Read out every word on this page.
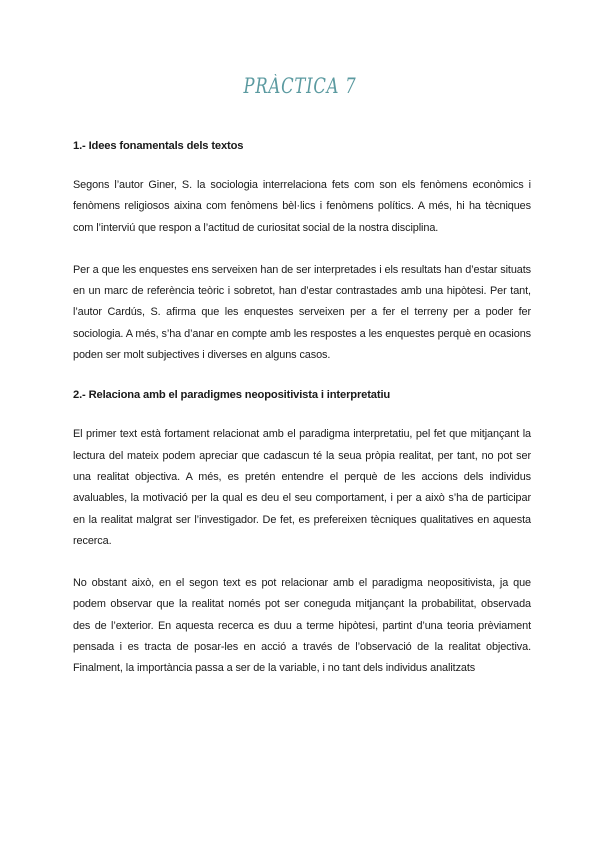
PRÀCTICA 7

1.- Idees fonamentals dels textos

Segons l’autor Giner, S. la sociologia interrelaciona fets com son els fenòmens econòmics i fenòmens religiosos aixina com fenòmens bèl·lics i fenòmens polítics. A més, hi ha tècniques com l’interviú que respon a l’actitud de curiositat social de la nostra disciplina.

Per a que les enquestes ens serveixen han de ser interpretades i els resultats han d’estar situats en un marc de referència teòric i sobretot, han d’estar contrastades amb una hipòtesi. Per tant, l’autor Cardús, S. afirma que les enquestes serveixen per a fer el terreny per a poder fer sociologia. A més, s’ha d’anar en compte amb les respostes a les enquestes perquè en ocasions poden ser molt subjectives i diverses en alguns casos.

2.- Relaciona amb el paradigmes neopositivista i interpretatiu

El primer text està fortament relacionat amb el paradigma interpretatiu, pel fet que mitjançant la lectura del mateix podem apreciar que cadascun té la seua pròpia realitat, per tant, no pot ser una realitat objectiva. A més, es pretén entendre el perquè de les accions dels individus avaluables, la motivació per la qual es deu el seu comportament, i per a això s’ha de participar en la realitat malgrat ser l’investigador. De fet, es prefereixen tècniques qualitatives en aquesta recerca.

No obstant això, en el segon text es pot relacionar amb el paradigma neopositivista, ja que podem observar que la realitat només pot ser coneguda mitjançant la probabilitat, observada des de l’exterior. En aquesta recerca es duu a terme hipòtesi, partint d’una teoria prèviament pensada i es tracta de posar-les en acció a través de l’observació de la realitat objectiva. Finalment, la importància passa a ser de la variable, i no tant dels individus analitzats
